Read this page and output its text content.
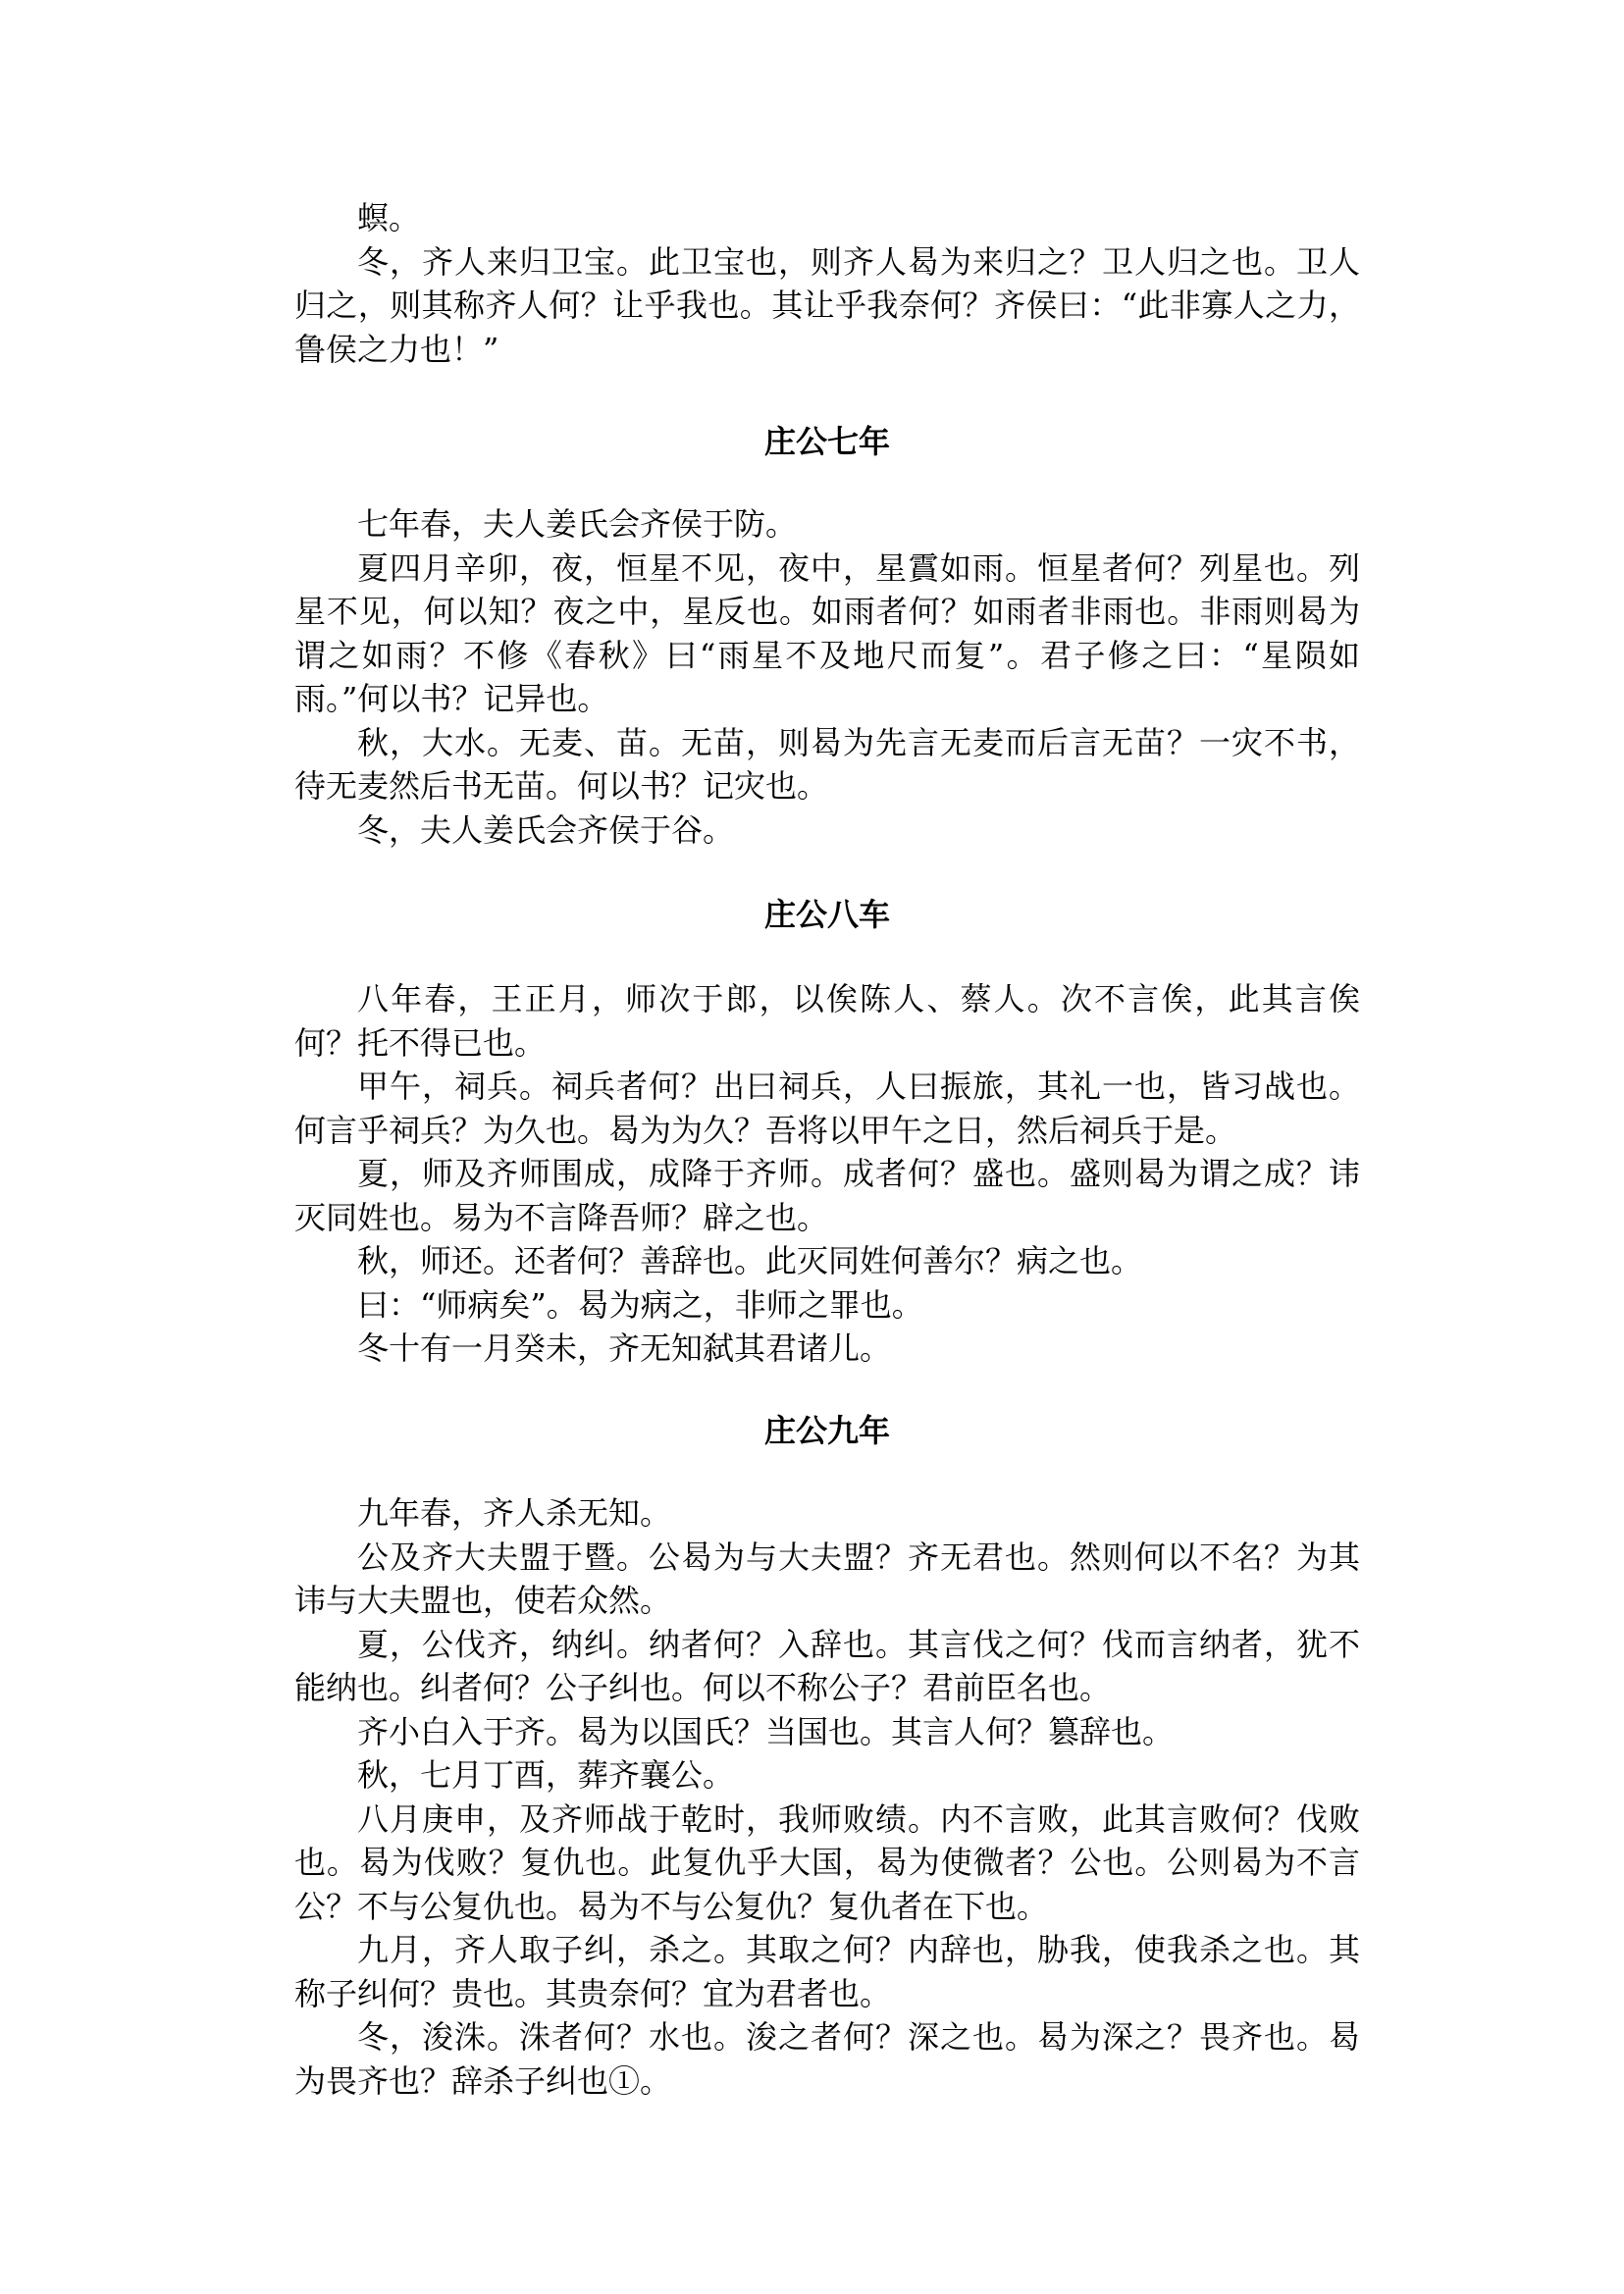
螟。

冬，齐人来归卫宝。此卫宝也，则齐人曷为来归之？卫人归之也。卫人归之，则其称齐人何？让乎我也。其让乎我奈何？齐侯曰：“此非寡人之力，鲁侯之力也！”

庄公七年

七年春，夫人姜氏会齐侯于防。

夏四月辛卯，夜，恒星不见，夜中，星霣如雨。恒星者何？列星也。列星不见，何以知？夜之中，星反也。如雨者何？如雨者非雨也。非雨则曷为谓之如雨？不修《春秋》曰“雨星不及地尺而复”。君子修之曰：“星陨如雨。”何以书？记异也。

秋，大水。无麦、苗。无苗，则曷为先言无麦而后言无苗？一灾不书，待无麦然后书无苗。何以书？记灾也。

冬，夫人姜氏会齐侯于谷。

庄公八车

八年春，王正月，师次于郎，以俟陈人、蔡人。次不言俟，此其言俟何？托不得已也。

甲午，祠兵。祠兵者何？出曰祠兵，人曰振旅，其礼一也，皆习战也。何言乎祠兵？为久也。曷为为久？吾将以甲午之日，然后祠兵于是。

夏，师及齐师围成，成降于齐师。成者何？盛也。盛则曷为谓之成？讳灭同姓也。易为不言降吾师？辟之也。

秋，师还。还者何？善辞也。此灭同姓何善尔？病之也。

曰：“师病矣”。曷为病之，非师之罪也。

冬十有一月癸未，齐无知弑其君诸儿。

庄公九年

九年春，齐人杀无知。

公及齐大夫盟于暨。公曷为与大夫盟？齐无君也。然则何以不名？为其讳与大夫盟也，使若众然。

夏，公伐齐，纳纠。纳者何？入辞也。其言伐之何？伐而言纳者，犹不能纳也。纠者何？公子纠也。何以不称公子？君前臣名也。

齐小白入于齐。曷为以国氏？当国也。其言人何？篡辞也。

秋，七月丁酉，葬齐襄公。

八月庚申，及齐师战于乾时，我师败绩。内不言败，此其言败何？伐败也。曷为伐败？复仇也。此复仇乎大国，曷为使微者？公也。公则曷为不言公？不与公复仇也。曷为不与公复仇？复仇者在下也。

九月，齐人取子纠，杀之。其取之何？内辞也，胁我，使我杀之也。其称子纠何？贵也。其贵奈何？宜为君者也。

冬，浚洙。洙者何？水也。浚之者何？深之也。曷为深之？畏齐也。曷为畏齐也？辞杀子纠也①。
